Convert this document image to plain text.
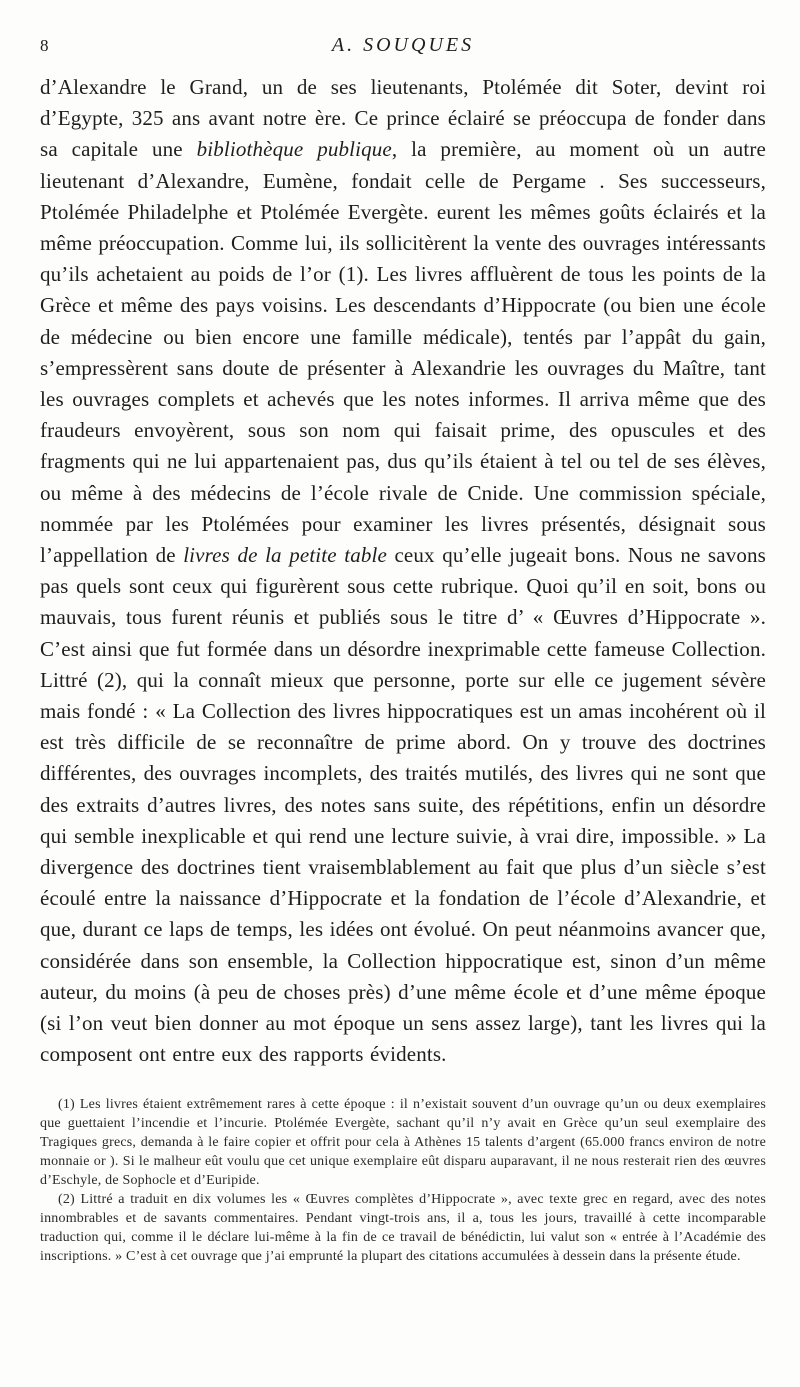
8	A. SOUQUES

d’Alexandre le Grand, un de ses lieutenants, Ptolémée dit Soter, devint roi d’Egypte, 325 ans avant notre ère. Ce prince éclairé se préoccupa de fonder dans sa capitale une bibliothèque publique, la première, au moment où un autre lieutenant d’Alexandre, Eumène, fondait celle de Pergame . Ses successeurs, Ptolémée Philadelphe et Ptolémée Evergète. eurent les mêmes goûts éclairés et la même préoccupation. Comme lui, ils sollicitèrent la vente des ouvrages intéressants qu’ils achetaient au poids de l’or (1). Les livres affluèrent de tous les points de la Grèce et même des pays voisins. Les descendants d’Hippocrate (ou bien une école de médecine ou bien encore une famille médicale), tentés par l’appât du gain, s’empressèrent sans doute de présenter à Alexandrie les ouvrages du Maître, tant les ouvrages complets et achevés que les notes informes. Il arriva même que des fraudeurs envoyèrent, sous son nom qui faisait prime, des opuscules et des fragments qui ne lui appartenaient pas, dus qu’ils étaient à tel ou tel de ses élèves, ou même à des médecins de l’école rivale de Cnide. Une commission spéciale, nommée par les Ptolémées pour examiner les livres présentés, désignait sous l’appellation de livres de la petite table ceux qu’elle jugeait bons. Nous ne savons pas quels sont ceux qui figurèrent sous cette rubrique. Quoi qu’il en soit, bons ou mauvais, tous furent réunis et publiés sous le titre d’ « Œuvres d’Hippocrate ». C’est ainsi que fut formée dans un désordre inexprimable cette fameuse Collection. Littré (2), qui la connaît mieux que personne, porte sur elle ce jugement sévère mais fondé : « La Collection des livres hippocratiques est un amas incohérent où il est très difficile de se reconnaître de prime abord. On y trouve des doctrines différentes, des ouvrages incomplets, des traités mutilés, des livres qui ne sont que des extraits d’autres livres, des notes sans suite, des répétitions, enfin un désordre qui semble inexplicable et qui rend une lecture suivie, à vrai dire, impossible. » La divergence des doctrines tient vraisemblablement au fait que plus d’un siècle s’est écoulé entre la naissance d’Hippocrate et la fondation de l’école d’Alexandrie, et que, durant ce laps de temps, les idées ont évolué. On peut néanmoins avancer que, considérée dans son ensemble, la Collection hippocratique est, sinon d’un même auteur, du moins (à peu de choses près) d’une même école et d’une même époque (si l’on veut bien donner au mot époque un sens assez large), tant les livres qui la composent ont entre eux des rapports évidents.

(1) Les livres étaient extrêmement rares à cette époque : il n’existait souvent d’un ouvrage qu’un ou deux exemplaires que guettaient l’incendie et l’incurie. Ptolémée Evergète, sachant qu’il n’y avait en Grèce qu’un seul exemplaire des Tragiques grecs, demanda à le faire copier et offrit pour cela à Athènes 15 talents d’argent (65.000 francs environ de notre monnaie or ). Si le malheur eût voulu que cet unique exemplaire eût disparu auparavant, il ne nous resterait rien des œuvres d’Eschyle, de Sophocle et d’Euripide.

(2) Littré a traduit en dix volumes les « Œuvres complètes d’Hippocrate », avec texte grec en regard, avec des notes innombrables et de savants commentaires. Pendant vingt-trois ans, il a, tous les jours, travaillé à cette incomparable traduction qui, comme il le déclare lui-même à la fin de ce travail de bénédictin, lui valut son « entrée à l’Académie des inscriptions. » C’est à cet ouvrage que j’ai emprunté la plupart des citations accumulées à dessein dans la présente étude.
